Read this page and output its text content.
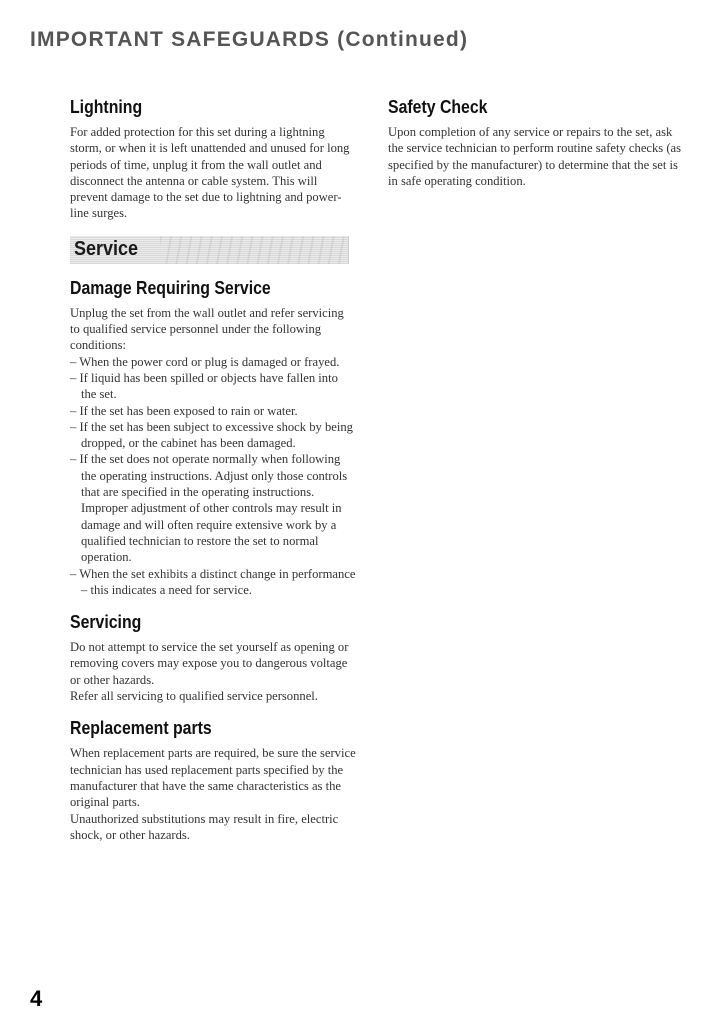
IMPORTANT SAFEGUARDS (Continued)
Lightning

For added protection for this set during a lightning storm, or when it is left unattended and unused for long periods of time, unplug it from the wall outlet and disconnect the antenna or cable system. This will prevent damage to the set due to lightning and power-line surges.

Service
Damage Requiring Service

Unplug the set from the wall outlet and refer servicing to qualified service personnel under the following conditions:

– When the power cord or plug is damaged or frayed.
– If liquid has been spilled or objects have fallen into the set.
– If the set has been exposed to rain or water.
– If the set has been subject to excessive shock by being dropped, or the cabinet has been damaged.
– If the set does not operate normally when following the operating instructions. Adjust only those controls that are specified in the operating instructions. Improper adjustment of other controls may result in damage and will often require extensive work by a qualified technician to restore the set to normal operation.
– When the set exhibits a distinct change in performance – this indicates a need for service.
Servicing

Do not attempt to service the set yourself as opening or removing covers may expose you to dangerous voltage or other hazards.

Refer all servicing to qualified service personnel.

Replacement parts

When replacement parts are required, be sure the service technician has used replacement parts specified by the manufacturer that have the same characteristics as the original parts.

Unauthorized substitutions may result in fire, electric shock, or other hazards.

Safety Check

Upon completion of any service or repairs to the set, ask the service technician to perform routine safety checks (as specified by the manufacturer) to determine that the set is in safe operating condition.

4
